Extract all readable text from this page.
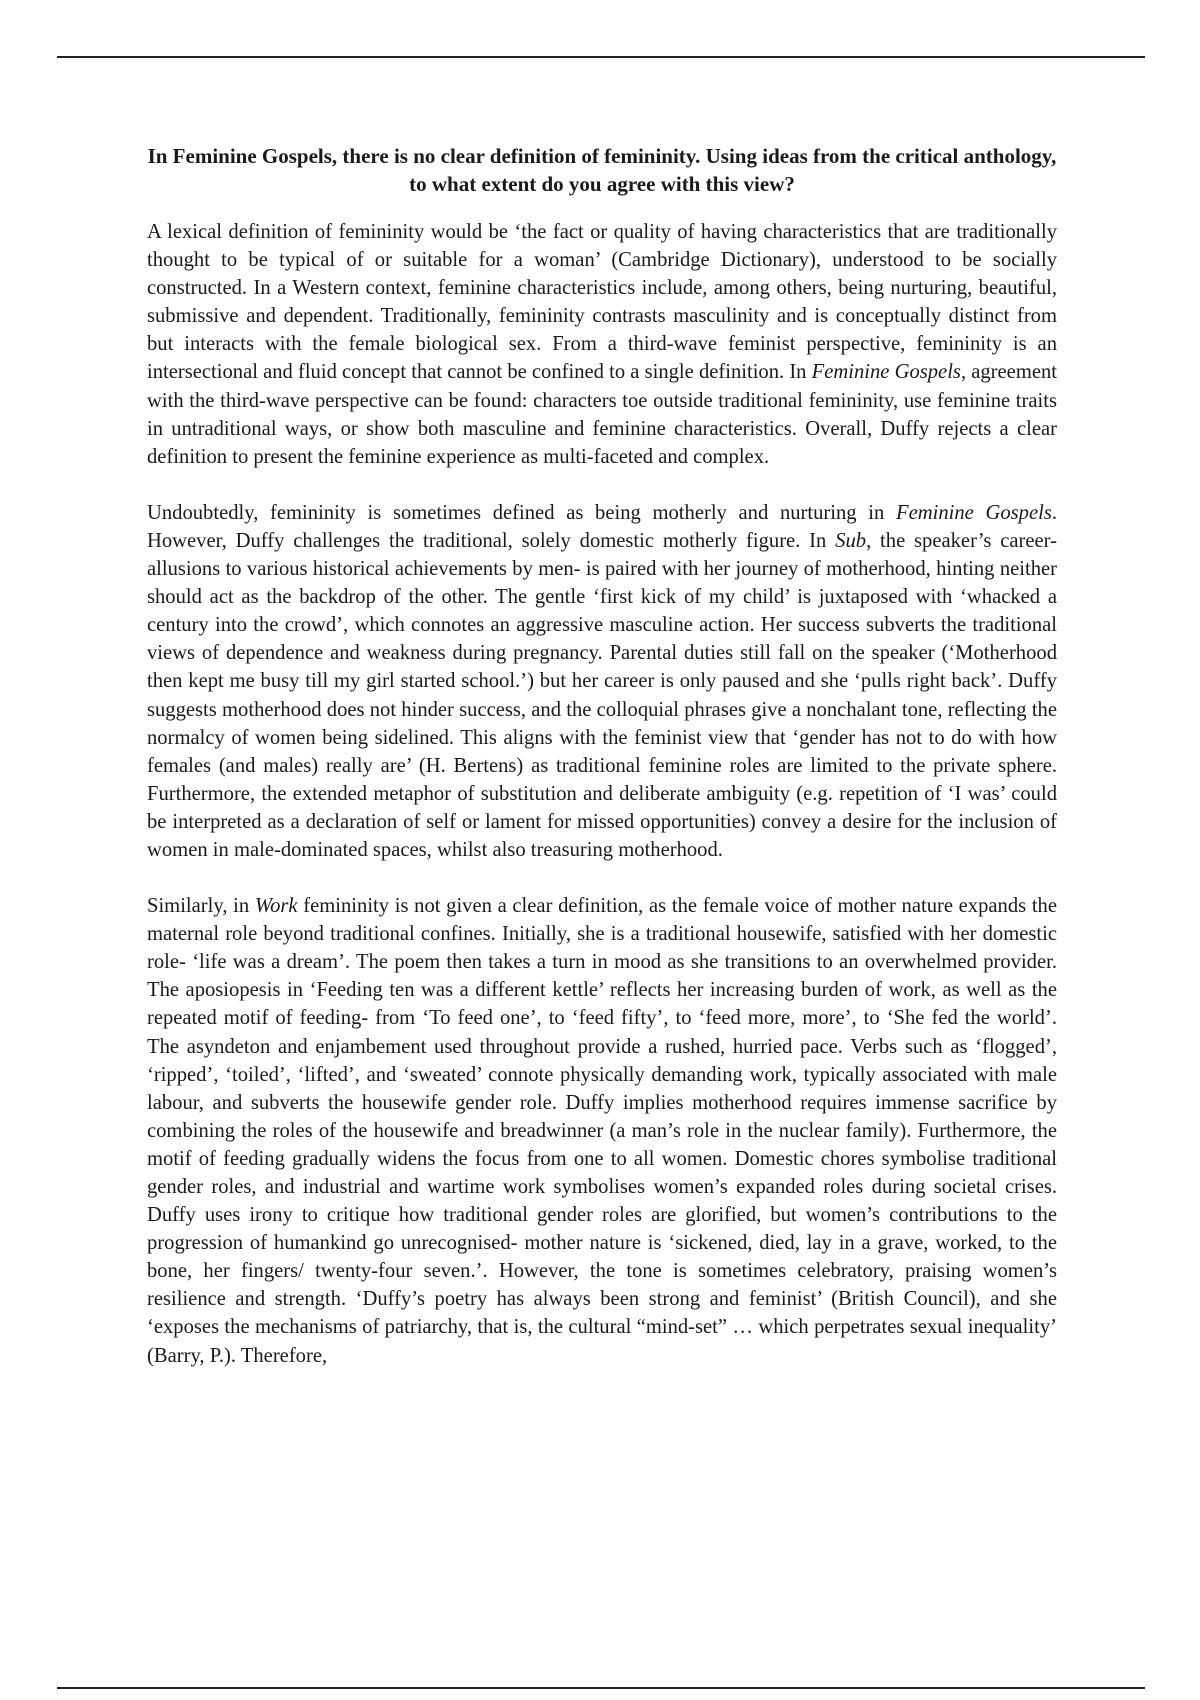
In Feminine Gospels, there is no clear definition of femininity. Using ideas from the critical anthology, to what extent do you agree with this view?

A lexical definition of femininity would be ‘the fact or quality of having characteristics that are traditionally thought to be typical of or suitable for a woman’ (Cambridge Dictionary), understood to be socially constructed. In a Western context, feminine characteristics include, among others, being nurturing, beautiful, submissive and dependent. Traditionally, femininity contrasts masculinity and is conceptually distinct from but interacts with the female biological sex. From a third-wave feminist perspective, femininity is an intersectional and fluid concept that cannot be confined to a single definition. In Feminine Gospels, agreement with the third-wave perspective can be found: characters toe outside traditional femininity, use feminine traits in untraditional ways, or show both masculine and feminine characteristics. Overall, Duffy rejects a clear definition to present the feminine experience as multi-faceted and complex.

Undoubtedly, femininity is sometimes defined as being motherly and nurturing in Feminine Gospels. However, Duffy challenges the traditional, solely domestic motherly figure. In Sub, the speaker’s career- allusions to various historical achievements by men- is paired with her journey of motherhood, hinting neither should act as the backdrop of the other. The gentle ‘first kick of my child’ is juxtaposed with ‘whacked a century into the crowd’, which connotes an aggressive masculine action. Her success subverts the traditional views of dependence and weakness during pregnancy. Parental duties still fall on the speaker (‘Motherhood then kept me busy till my girl started school.’) but her career is only paused and she ‘pulls right back’. Duffy suggests motherhood does not hinder success, and the colloquial phrases give a nonchalant tone, reflecting the normalcy of women being sidelined. This aligns with the feminist view that ‘gender has not to do with how females (and males) really are’ (H. Bertens) as traditional feminine roles are limited to the private sphere. Furthermore, the extended metaphor of substitution and deliberate ambiguity (e.g. repetition of ‘I was’ could be interpreted as a declaration of self or lament for missed opportunities) convey a desire for the inclusion of women in male-dominated spaces, whilst also treasuring motherhood.

Similarly, in Work femininity is not given a clear definition, as the female voice of mother nature expands the maternal role beyond traditional confines. Initially, she is a traditional housewife, satisfied with her domestic role- ‘life was a dream’. The poem then takes a turn in mood as she transitions to an overwhelmed provider. The aposiopesis in ‘Feeding ten was a different kettle’ reflects her increasing burden of work, as well as the repeated motif of feeding- from ‘To feed one’, to ‘feed fifty’, to ‘feed more, more’, to ‘She fed the world’. The asyndeton and enjambement used throughout provide a rushed, hurried pace. Verbs such as ‘flogged’, ‘ripped’, ‘toiled’, ‘lifted’, and ‘sweated’ connote physically demanding work, typically associated with male labour, and subverts the housewife gender role. Duffy implies motherhood requires immense sacrifice by combining the roles of the housewife and breadwinner (a man’s role in the nuclear family). Furthermore, the motif of feeding gradually widens the focus from one to all women. Domestic chores symbolise traditional gender roles, and industrial and wartime work symbolises women’s expanded roles during societal crises. Duffy uses irony to critique how traditional gender roles are glorified, but women’s contributions to the progression of humankind go unrecognised- mother nature is ‘sickened, died, lay in a grave, worked, to the bone, her fingers/ twenty-four seven.’. However, the tone is sometimes celebratory, praising women’s resilience and strength. ‘Duffy’s poetry has always been strong and feminist’ (British Council), and she ‘exposes the mechanisms of patriarchy, that is, the cultural “mind-set” … which perpetrates sexual inequality’ (Barry, P.). Therefore,
